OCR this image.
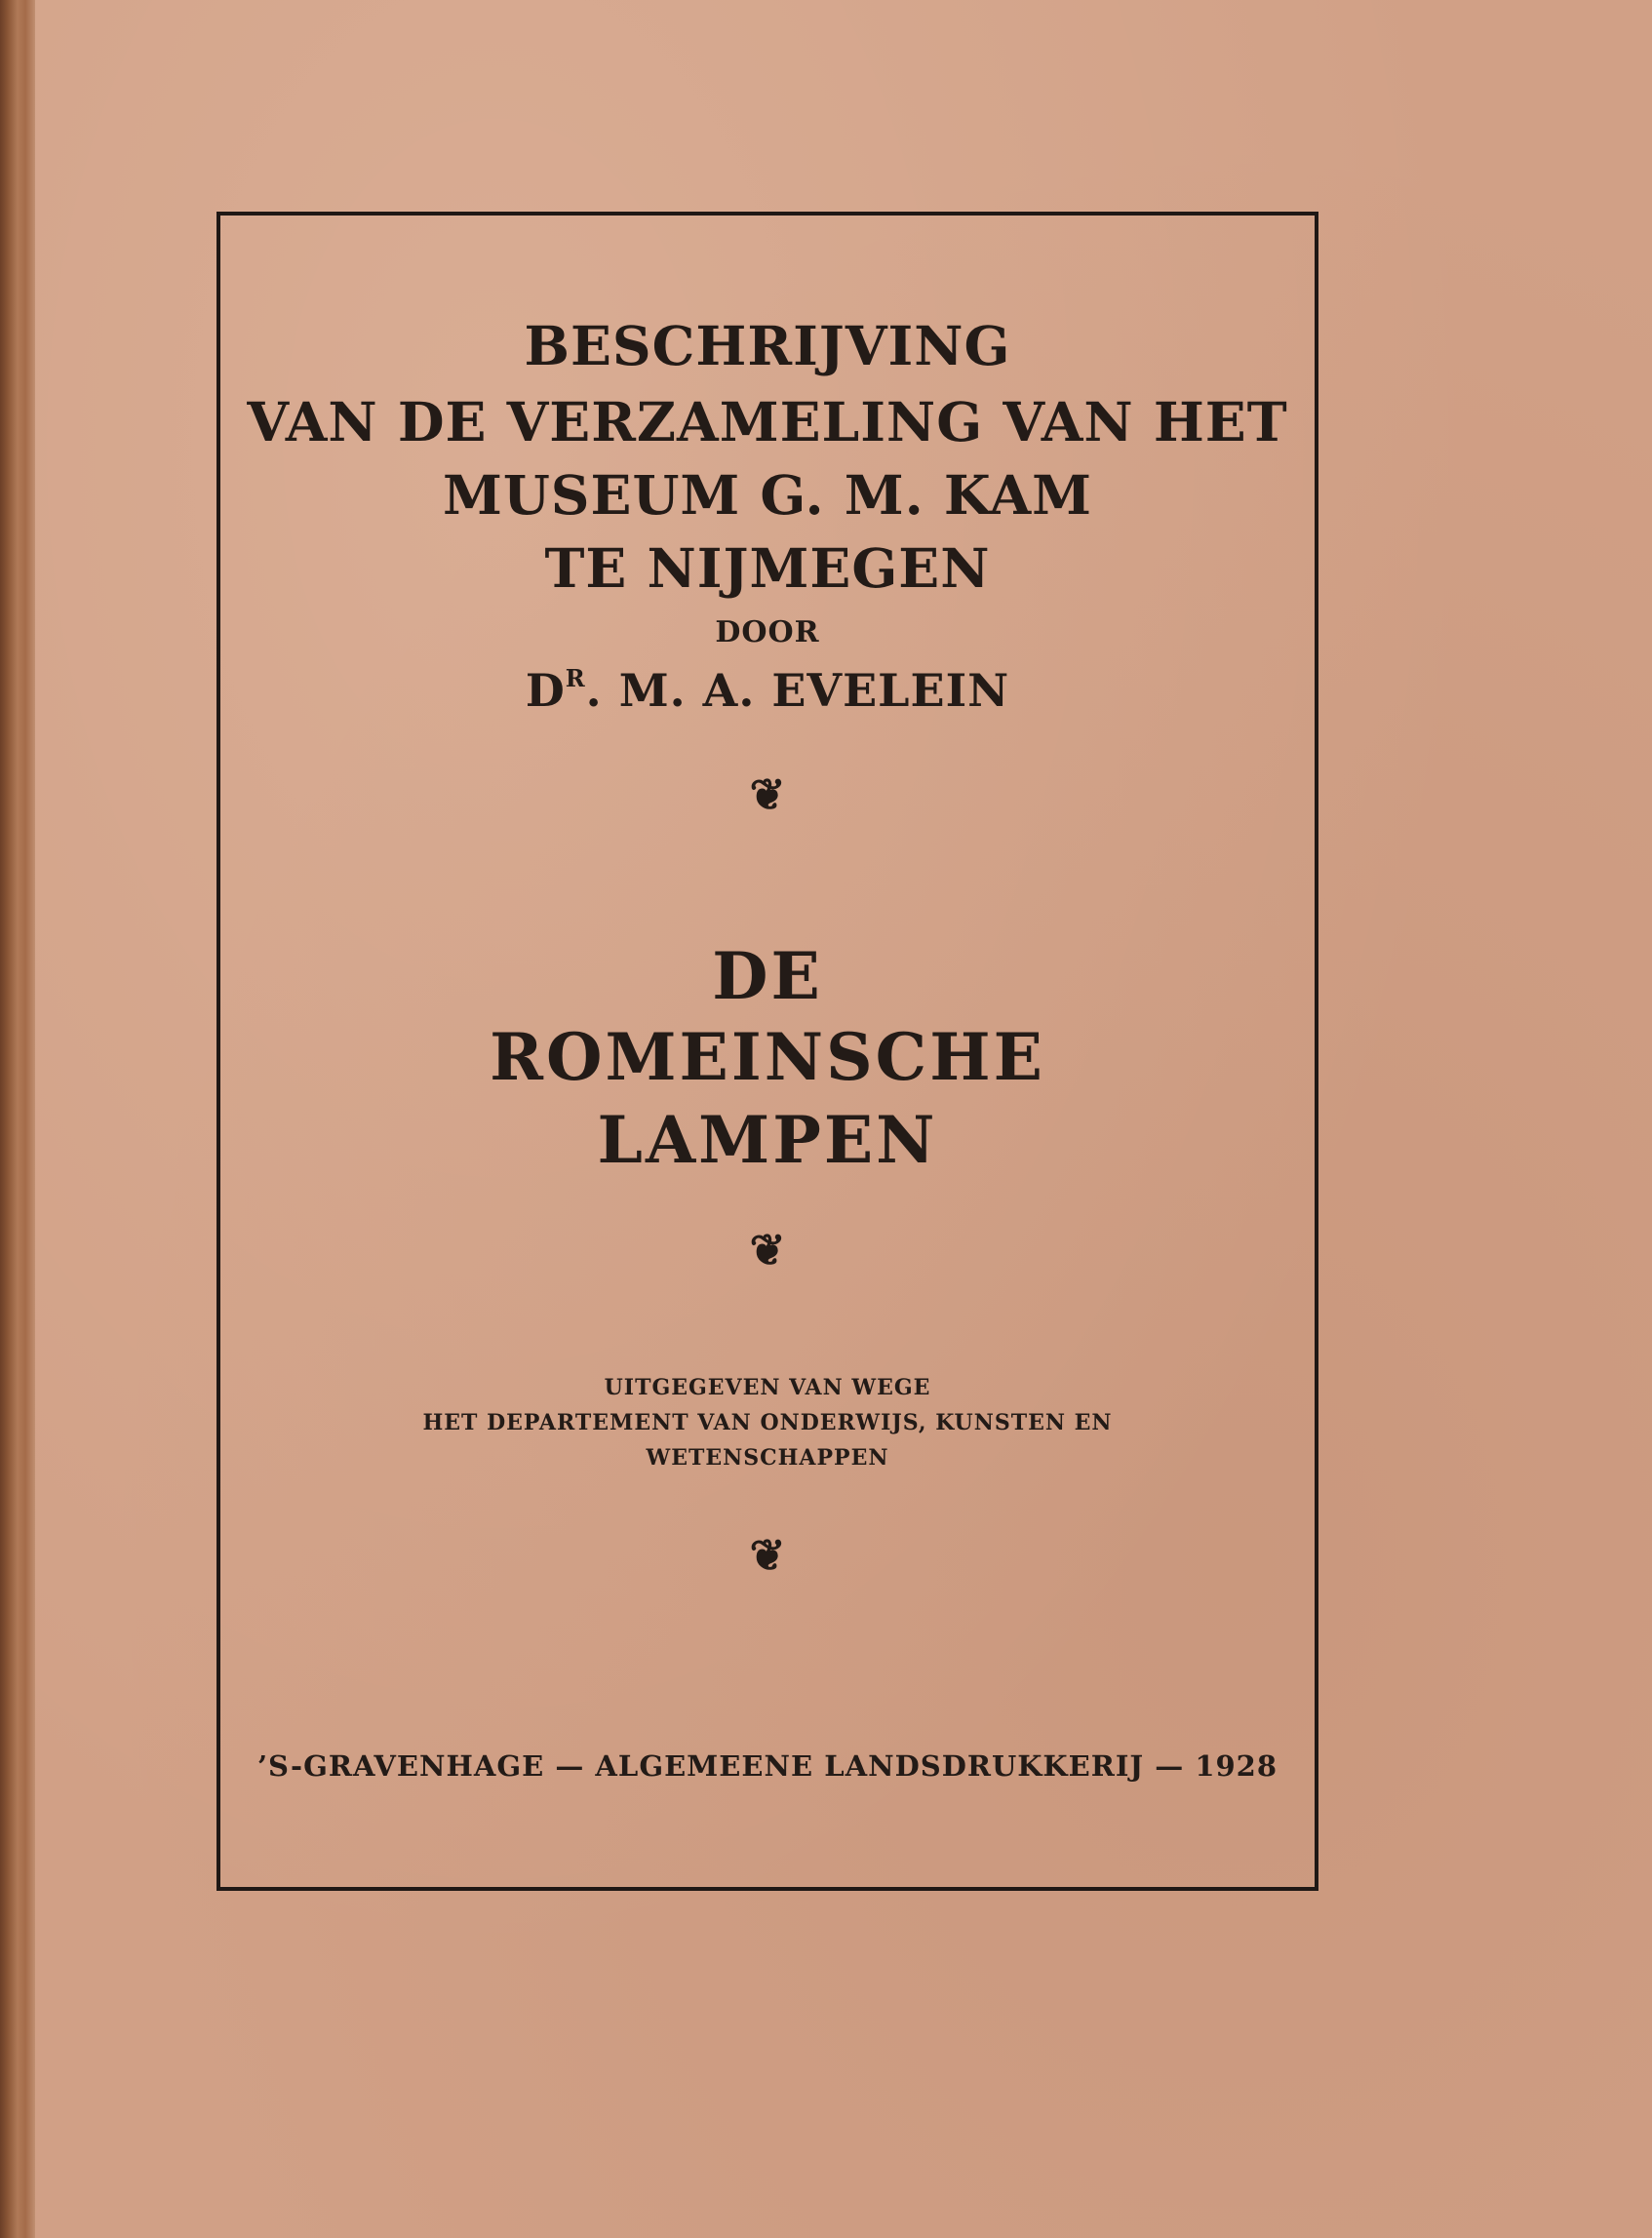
BESCHRIJVING
VAN DE VERZAMELING VAN HET
MUSEUM G. M. KAM
TE NIJMEGEN
DOOR
$D^R$. M. A. EVELEIN
❦
DE
ROMEINSCHE
LAMPEN
❦
UITGEGEVEN VAN WEGE
HET DEPARTEMENT VAN ONDERWIJS, KUNSTEN EN
WETENSCHAPPEN
❦
’S-GRAVENHAGE — ALGEMEENE LANDSDRUKKERIJ — 1928
